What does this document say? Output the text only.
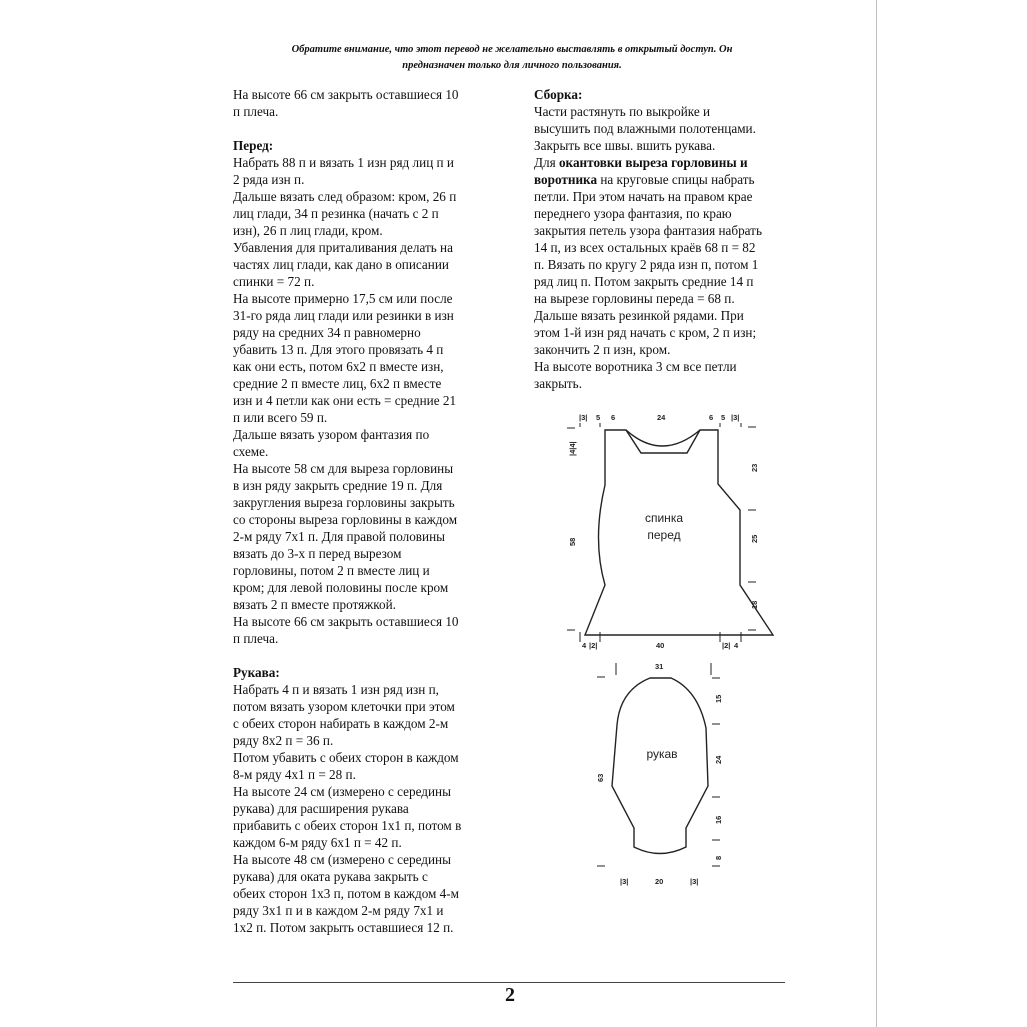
Обратите внимание, что этот перевод не желательно выставлять в открытый доступ. Он
предназначен только для личного пользования.

На высоте 66 см закрыть оставшиеся 10
п плеча.

Перед:

Набрать 88 п и вязать 1 изн ряд лиц п и
2 ряда изн п.

Дальше вязать след образом: кром, 26 п
лиц глади, 34 п резинка (начать с 2 п
изн), 26 п лиц глади, кром.

Убавления для приталивания делать на
частях лиц глади, как дано в описании
спинки = 72 п.

На высоте примерно 17,5 см или после
31-го ряда лиц глади или резинки в изн
ряду на средних 34 п равномерно
убавить 13 п. Для этого провязать 4 п
как они есть, потом 6х2 п вместе изн,
средние 2 п вместе лиц, 6х2 п вместе
изн и 4 петли как они есть = средние 21
п или всего 59 п.

Дальше вязать узором фантазия по
схеме.

На высоте 58 см для выреза горловины
в изн ряду закрыть средние 19 п. Для
закругления выреза горловины закрыть
со стороны выреза горловины в каждом
2-м ряду 7х1 п. Для правой половины
вязать до 3-х п перед вырезом
горловины, потом 2 п вместе лиц и
кром; для левой половины после кром
вязать 2 п вместе протяжкой.

На высоте 66 см закрыть оставшиеся 10
п плеча.

Рукава:

Набрать 4 п и вязать 1 изн ряд изн п,
потом вязать узором клеточки при этом
с обеих сторон набирать в каждом 2-м
ряду 8х2 п = 36 п.

Потом убавить с обеих сторон в каждом
8-м ряду 4х1 п = 28 п.

На высоте 24 см (измерено с середины
рукава) для расширения рукава
прибавить с обеих сторон 1х1 п, потом в
каждом 6-м ряду 6х1 п = 42 п.

На высоте 48 см (измерено с середины
рукава) для оката рукава закрыть с
обеих сторон 1х3 п, потом в каждом 4-м
ряду 3х1 п и в каждом 2-м ряду 7х1 и
1х2 п. Потом закрыть оставшиеся 12 п.

Сборка:

Части растянуть по выкройке и
высушить под влажными полотенцами.
Закрыть все швы. вшить рукава.

Для окантовки выреза горловины и
воротника на круговые спицы набрать
петли. При этом начать на правом крае
переднего узора фантазия, по краю
закрытия петель узора фантазия набрать
14 п, из всех остальных краёв 68 п = 82
п. Вязать по кругу 2 ряда изн п, потом 1
ряд лиц п. Потом закрыть средние 14 п
на вырезе горловины переда = 68 п.
Дальше вязать резинкой рядами. При
этом 1-й изн ряд начать с кром, 2 п изн;
закончить 2 п изн, кром.

На высоте воротника 3 см все петли
закрыть.

|3| 5 6	24	6 5 |3|
|4|4|
58
23
25
18
4 |2|	40	|2| 4
спинка
перед
31
63
15
24
16
8
|3|	20	|3|
рукав
2
